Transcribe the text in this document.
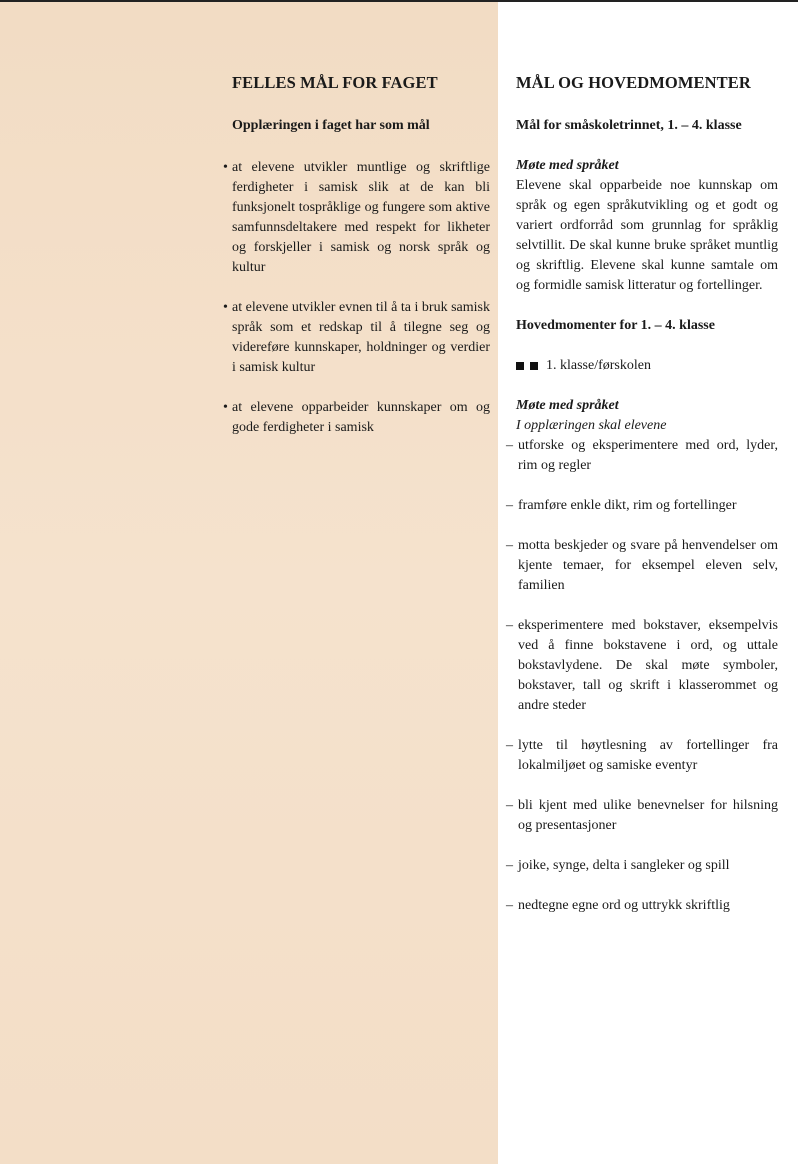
FELLES MÅL FOR FAGET
Opplæringen i faget har som mål
• at elevene utvikler muntlige og skriftlige ferdigheter i samisk slik at de kan bli funksjonelt tospråklige og fungere som aktive samfunnsdeltakere med respekt for likheter og forskjeller i samisk og norsk språk og kultur
• at elevene utvikler evnen til å ta i bruk samisk språk som et redskap til å tilegne seg og videreføre kunnskaper, holdninger og verdier i samisk kultur
• at elevene opparbeider kunnskaper om og gode ferdigheter i samisk
MÅL OG HOVEDMOMENTER
Mål for småskoletrinnet, 1. – 4. klasse
Møte med språket
Elevene skal opparbeide noe kunnskap om språk og egen språkutvikling og et godt og variert ordforråd som grunnlag for språklig selvtillit. De skal kunne bruke språket muntlig og skriftlig. Elevene skal kunne samtale om og formidle samisk litteratur og fortellinger.
Hovedmomenter for 1. – 4. klasse
1. klasse/førskolen
Møte med språket
I opplæringen skal elevene
– utforske og eksperimentere med ord, lyder, rim og regler
– framføre enkle dikt, rim og fortellinger
– motta beskjeder og svare på henvendelser om kjente temaer, for eksempel eleven selv, familien
– eksperimentere med bokstaver, eksempelvis ved å finne bokstavene i ord, og uttale bokstavlydene. De skal møte symboler, bokstaver, tall og skrift i klasserommet og andre steder
– lytte til høytlesning av fortellinger fra lokalmiljøet og samiske eventyr
– bli kjent med ulike benevnelser for hilsning og presentasjoner
– joike, synge, delta i sangleker og spill
– nedtegne egne ord og uttrykk skriftlig
